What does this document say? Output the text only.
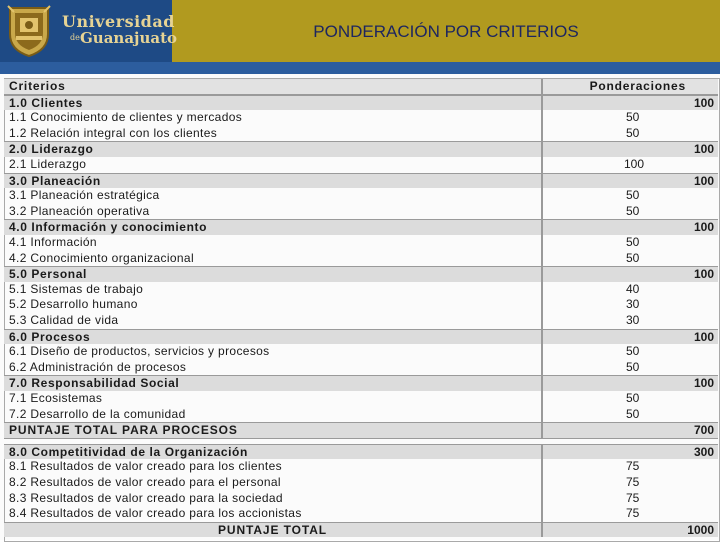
Universidad
de Guanajuato	PONDERACIÓN POR CRITERIOS
Criterios	Ponderaciones
1.0 Clientes	100
1.1 Conocimiento de clientes y mercados	50
1.2 Relación integral con los clientes	50
2.0 Liderazgo	100
2.1 Liderazgo	100
3.0 Planeación	100
3.1 Planeación estratégica	50
3.2 Planeación operativa	50
4.0 Información y conocimiento	100
4.1 Información	50
4.2 Conocimiento organizacional	50
5.0 Personal	100
5.1 Sistemas de trabajo	40
5.2 Desarrollo humano	30
5.3 Calidad de vida	30
6.0 Procesos	100
6.1 Diseño de productos, servicios y procesos	50
6.2 Administración de procesos	50
7.0 Responsabilidad Social	100
7.1 Ecosistemas	50
7.2 Desarrollo de la comunidad	50
PUNTAJE TOTAL PARA PROCESOS	700
8.0 Competitividad de la Organización	300
8.1 Resultados de valor creado para los clientes	75
8.2 Resultados de valor creado para el personal	75
8.3 Resultados de valor creado para la sociedad	75
8.4 Resultados de valor creado para los accionistas	75
PUNTAJE TOTAL	1000
